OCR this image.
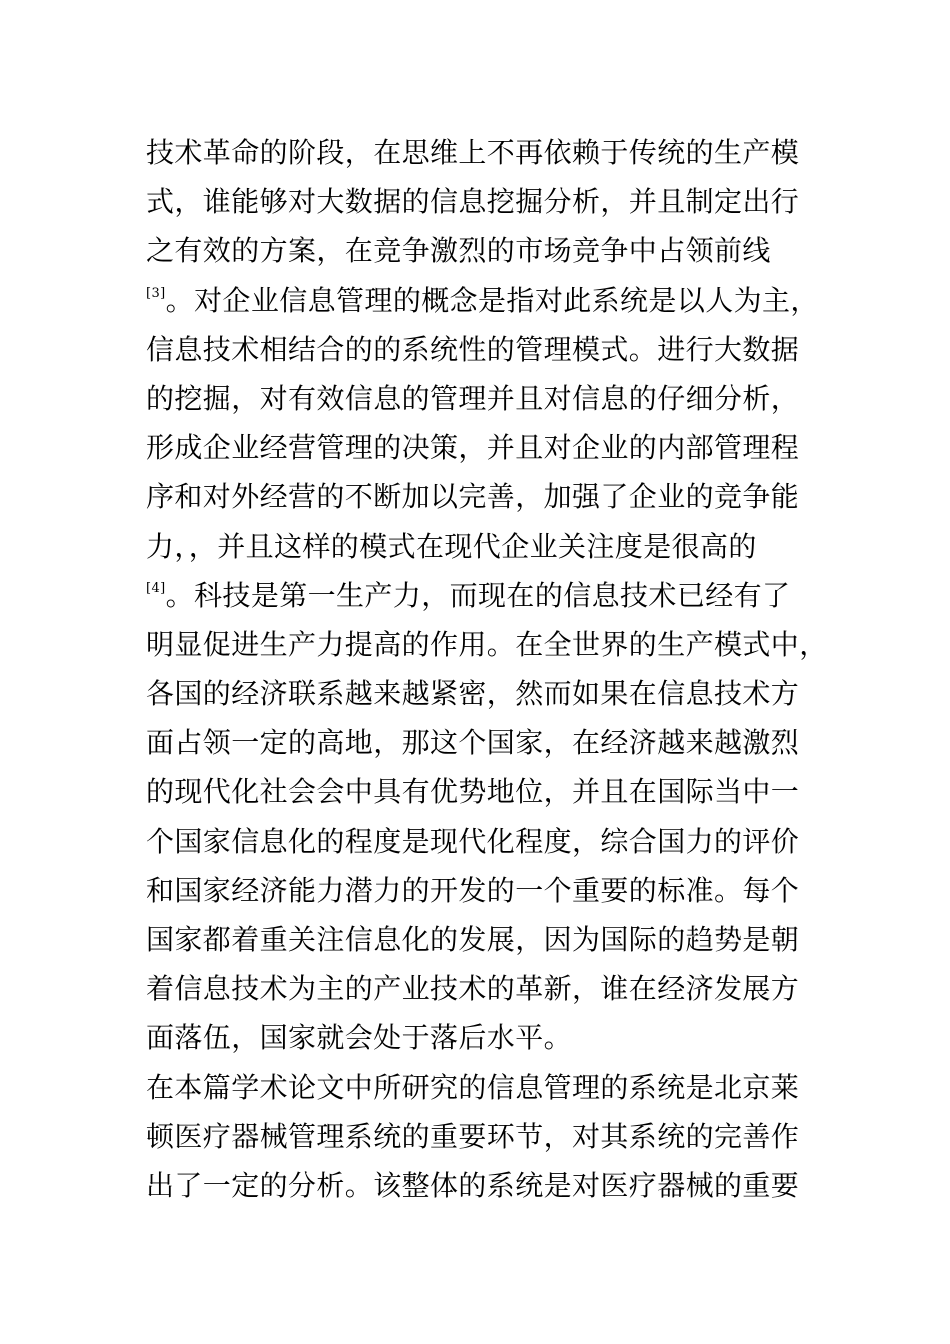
技术革命的阶段，在思维上不再依赖于传统的生产模
式，谁能够对大数据的信息挖掘分析，并且制定出行
之有效的方案，在竞争激烈的市场竞争中占领前线
[3]。对企业信息管理的概念是指对此系统是以人为主，
信息技术相结合的的系统性的管理模式。进行大数据
的挖掘，对有效信息的管理并且对信息的仔细分析，
形成企业经营管理的决策，并且对企业的内部管理程
序和对外经营的不断加以完善，加强了企业的竞争能
力，，并且这样的模式在现代企业关注度是很高的
[4]。科技是第一生产力，而现在的信息技术已经有了
明显促进生产力提高的作用。在全世界的生产模式中，
各国的经济联系越来越紧密，然而如果在信息技术方
面占领一定的高地，那这个国家，在经济越来越激烈
的现代化社会会中具有优势地位，并且在国际当中一
个国家信息化的程度是现代化程度，综合国力的评价
和国家经济能力潜力的开发的一个重要的标准。每个
国家都着重关注信息化的发展，因为国际的趋势是朝
着信息技术为主的产业技术的革新，谁在经济发展方
面落伍，国家就会处于落后水平。
在本篇学术论文中所研究的信息管理的系统是北京莱
顿医疗器械管理系统的重要环节，对其系统的完善作
出了一定的分析。该整体的系统是对医疗器械的重要
